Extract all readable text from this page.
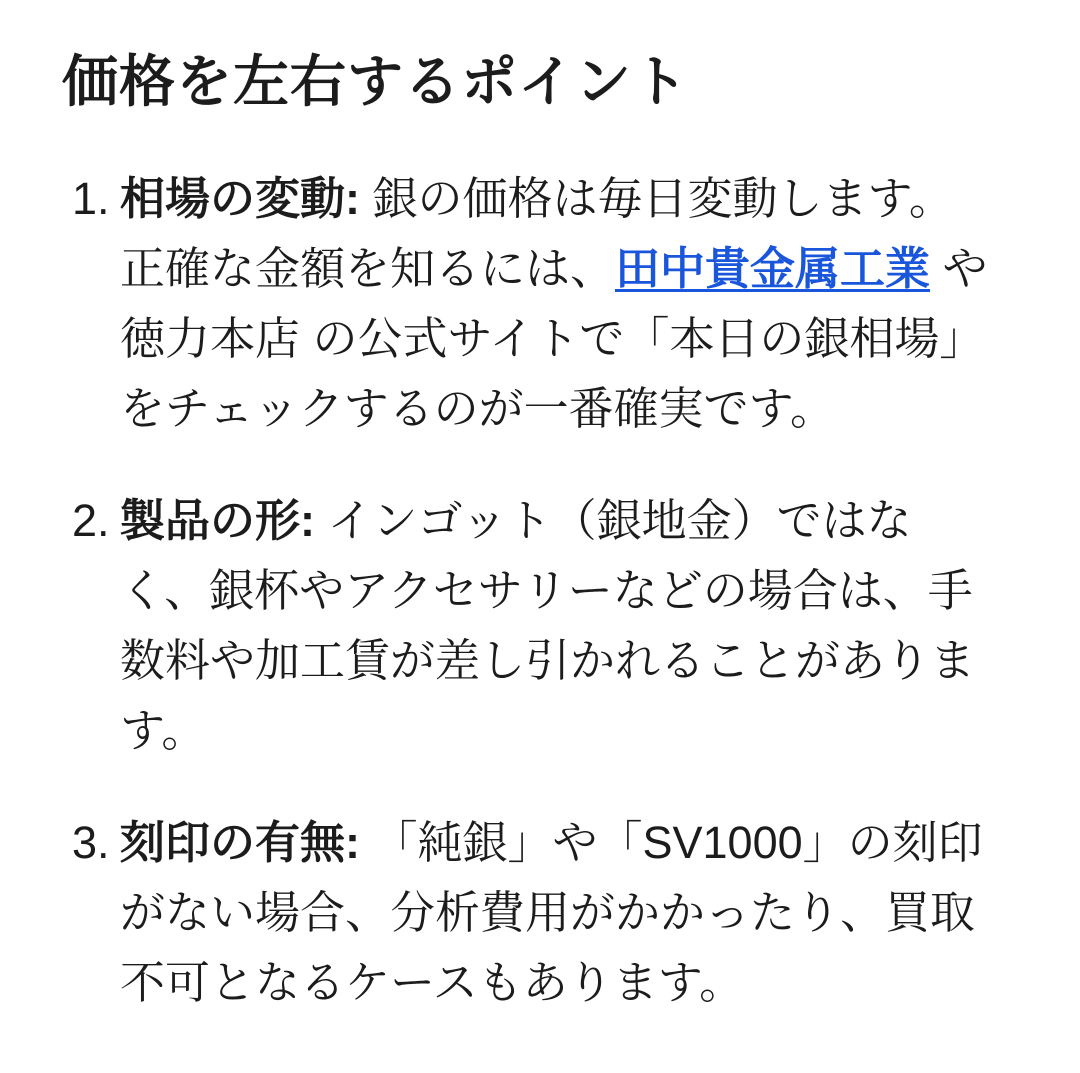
価格を左右するポイント
1. 相場の変動: 銀の価格は毎日変動します。正確な金額を知るには、田中貴金属工業 や 徳力本店 の公式サイトで「本日の銀相場」をチェックするのが一番確実です。
2. 製品の形: インゴット（銀地金）ではなく、銀杯やアクセサリーなどの場合は、手数料や加工賃が差し引かれることがあります。
3. 刻印の有無: 「純銀」や「SV1000」の刻印がない場合、分析費用がかかったり、買取不可となるケースもあります。
